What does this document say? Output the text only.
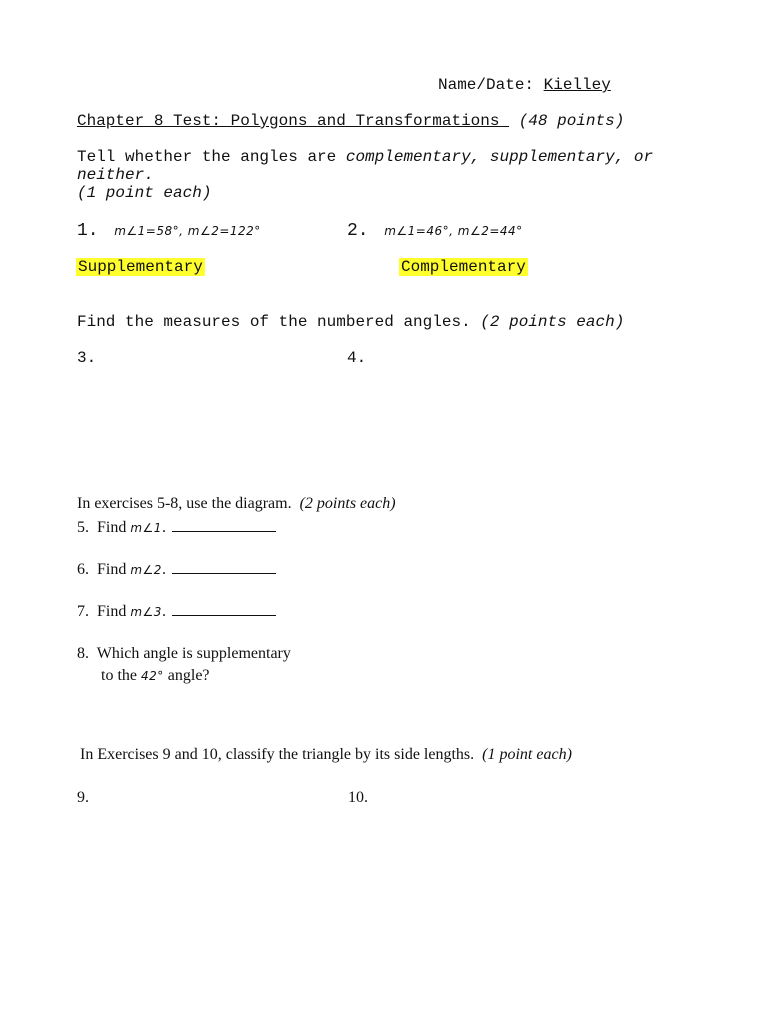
Name/Date: Kielley
Chapter 8 Test: Polygons and Transformations (48 points)
Tell whether the angles are complementary, supplementary, or neither.
(1 point each)
1. m∠1=58°, m∠2=122°	2. m∠1=46°, m∠2=44°
Supplementary	Complementary
Find the measures of the numbered angles. (2 points each)
3.	4.
In exercises 5-8, use the diagram. (2 points each)
5.  Find m∠1.
6.  Find m∠2.
7.  Find m∠3.
8.  Which angle is supplementary
to the 42° angle?
In Exercises 9 and 10, classify the triangle by its side lengths. (1 point each)
9.	10.
